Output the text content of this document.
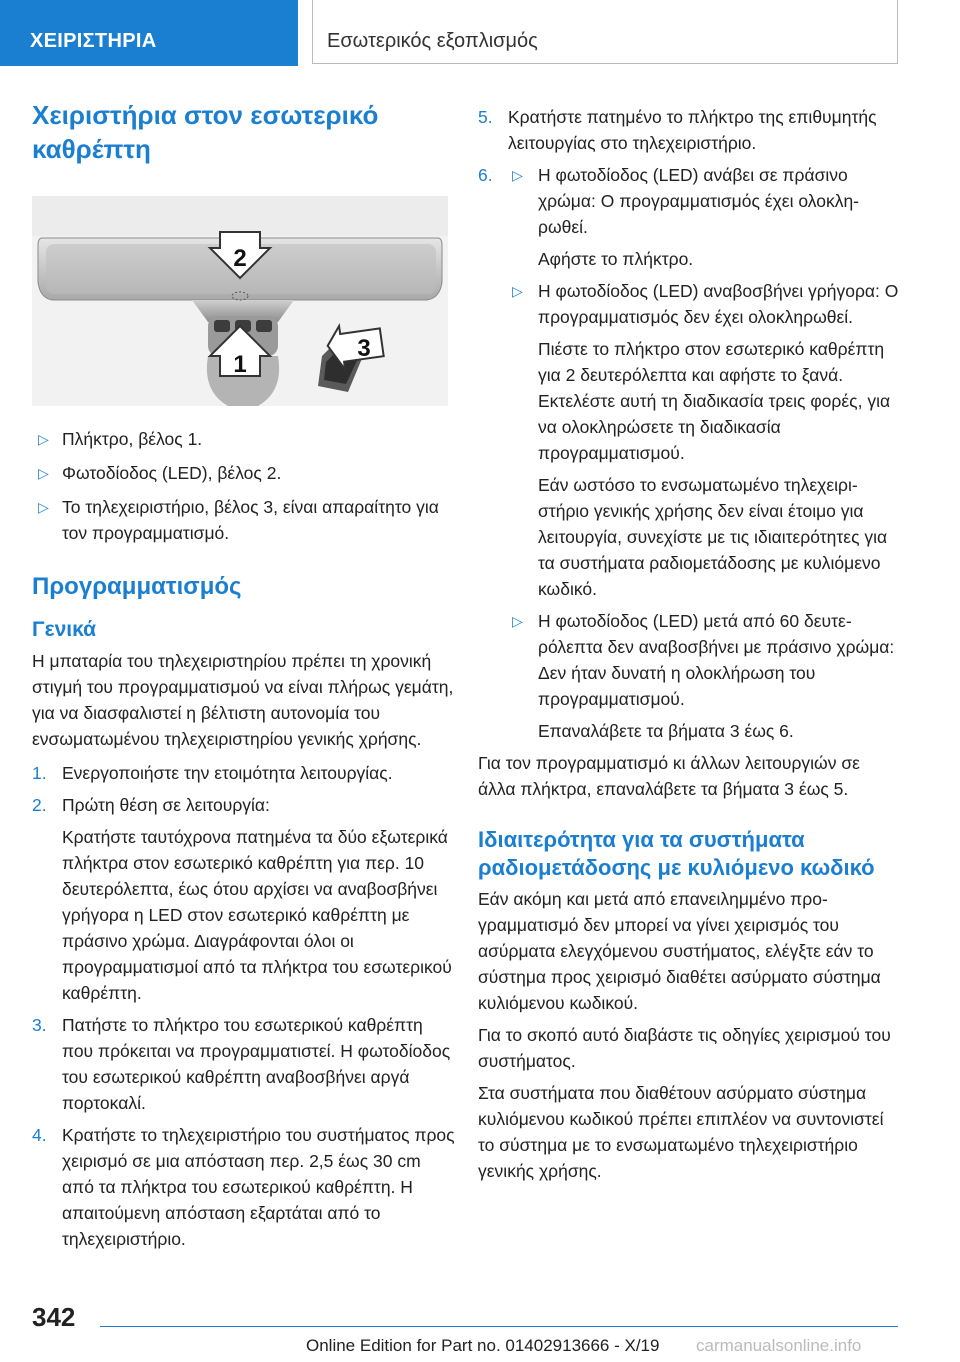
ΧΕΙΡΙΣΤΗΡΙΑ	Εσωτερικός εξοπλισμός
Χειριστήρια στον εσωτερικό καθρέπτη
2
1
3
▷ Πλήκτρο, βέλος 1.
▷ Φωτοδίοδος (LED), βέλος 2.
▷ Το τηλεχειριστήριο, βέλος 3, είναι απαραίτητο για τον προγραμματισμό.
Προγραμματισμός
Γενικά

Η μπαταρία του τηλεχειριστηρίου πρέπει τη χρονική στιγμή του προγραμματισμού να είναι πλήρως γεμάτη, για να διασφαλιστεί η βέλτιστη αυτονομία του ενσωματωμένου τηλεχειριστηρίου γενικής χρήσης.

1. Ενεργοποιήστε την ετοιμότητα λειτουργίας.
2. Πρώτη θέση σε λειτουργία:
Κρατήστε ταυτόχρονα πατημένα τα δύο εξωτερικά πλήκτρα στον εσωτερικό καθρέπτη για περ. 10 δευτερόλεπτα, έως ότου αρχίσει να αναβοσβήνει γρήγορα η LED στον εσωτερικό καθρέπτη με πράσινο χρώμα. Διαγράφονται όλοι οι προγραμματισμοί από τα πλήκτρα του εσωτερικού καθρέπτη.
3. Πατήστε το πλήκτρο του εσωτερικού καθρέπτη που πρόκειται να προγραμματιστεί. Η φωτοδίοδος του εσωτερικού καθρέπτη αναβοσβήνει αργά πορτοκαλί.
4. Κρατήστε το τηλεχειριστήριο του συστήματος προς χειρισμό σε μια απόσταση περ. 2,5 έως 30 cm από τα πλήκτρα του εσωτερικού καθρέπτη. Η απαιτούμενη απόσταση εξαρτάται από το τηλεχειριστήριο.
5. Κρατήστε πατημένο το πλήκτρο της επιθυμητής λειτουργίας στο τηλεχειριστήριο.
6. ▷ Η φωτοδίοδος (LED) ανάβει σε πράσινο χρώμα: Ο προγραμματισμός έχει ολοκληρωθεί.
Αφήστε το πλήκτρο.
▷ Η φωτοδίοδος (LED) αναβοσβήνει γρήγορα: Ο προγραμματισμός δεν έχει ολοκληρωθεί.
Πιέστε το πλήκτρο στον εσωτερικό καθρέπτη για 2 δευτερόλεπτα και αφήστε το ξανά. Εκτελέστε αυτή τη διαδικασία τρεις φορές, για να ολοκληρώσετε τη διαδικασία προγραμματισμού.
Εάν ωστόσο το ενσωματωμένο τηλεχειριστήριο γενικής χρήσης δεν είναι έτοιμο για λειτουργία, συνεχίστε με τις ιδιαιτερότητες για τα συστήματα ραδιομετάδοσης με κυλιόμενο κωδικό.
▷ Η φωτοδίοδος (LED) μετά από 60 δευτερόλεπτα δεν αναβοσβήνει με πράσινο χρώμα: Δεν ήταν δυνατή η ολοκλήρωση του προγραμματισμού.
Επαναλάβετε τα βήματα 3 έως 6.

Για τον προγραμματισμό κι άλλων λειτουργιών σε άλλα πλήκτρα, επαναλάβετε τα βήματα 3 έως 5.

Ιδιαιτερότητα για τα συστήματα ραδιομετάδοσης με κυλιόμενο κωδικό

Εάν ακόμη και μετά από επανειλημμένο προγραμματισμό δεν μπορεί να γίνει χειρισμός του ασύρματα ελεγχόμενου συστήματος, ελέγξτε εάν το σύστημα προς χειρισμό διαθέτει ασύρματο σύστημα κυλιόμενου κωδικού.

Για το σκοπό αυτό διαβάστε τις οδηγίες χειρισμού του συστήματος.

Στα συστήματα που διαθέτουν ασύρματο σύστημα κυλιόμενου κωδικού πρέπει επιπλέον να συντονιστεί το σύστημα με το ενσωματωμένο τηλεχειριστήριο γενικής χρήσης.

342
Online Edition for Part no. 01402913666 - X/19 carmanualsonline.info
